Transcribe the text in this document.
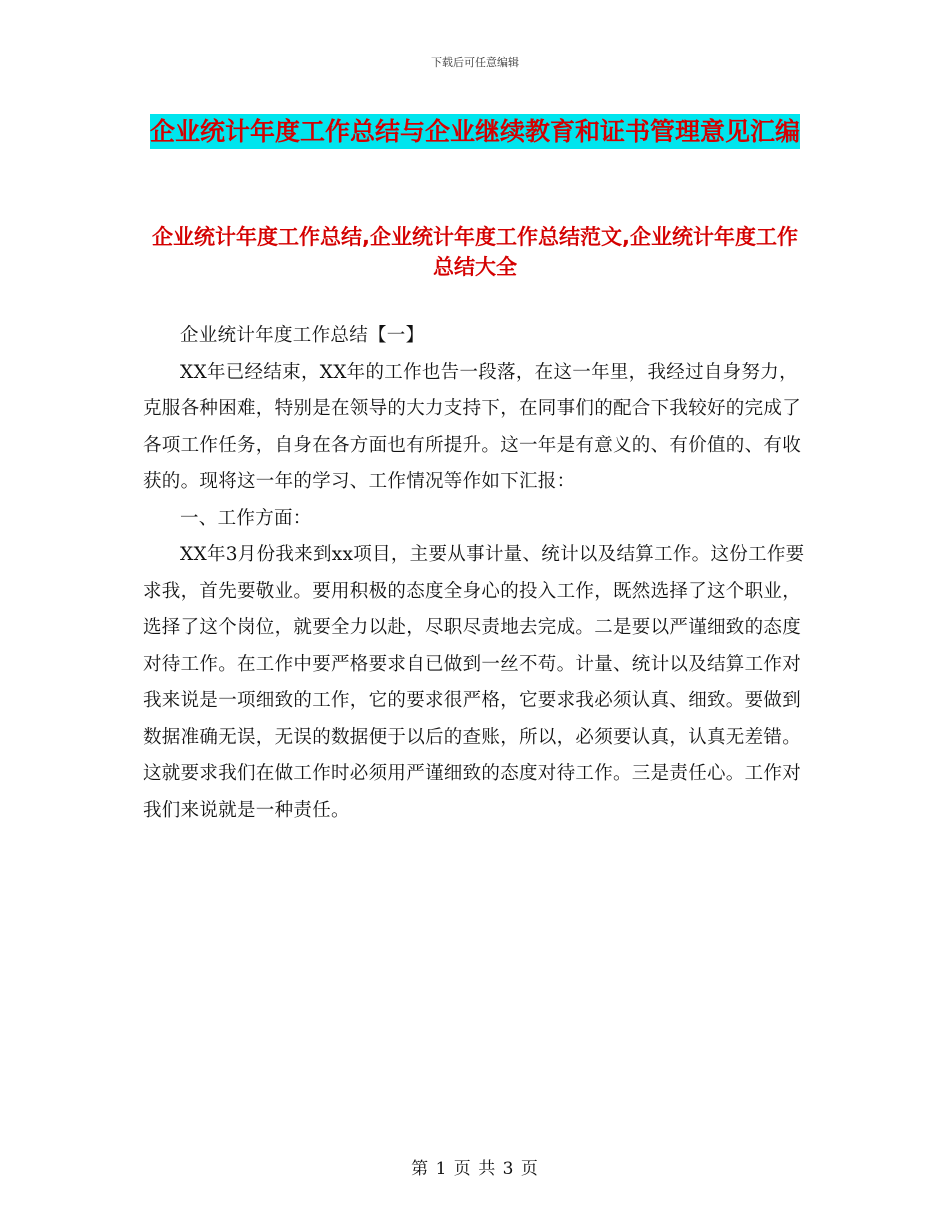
下载后可任意编辑
企业统计年度工作总结与企业继续教育和证书管理意见汇编
企业统计年度工作总结,企业统计年度工作总结范文,企业统计年度工作总结大全

企业统计年度工作总结【一】

XX年已经结束，XX年的工作也告一段落，在这一年里，我经过自身努力，克服各种困难，特别是在领导的大力支持下，在同事们的配合下我较好的完成了各项工作任务，自身在各方面也有所提升。这一年是有意义的、有价值的、有收获的。现将这一年的学习、工作情况等作如下汇报：

一、工作方面：

XX年3月份我来到xx项目，主要从事计量、统计以及结算工作。这份工作要求我，首先要敬业。要用积极的态度全身心的投入工作，既然选择了这个职业，选择了这个岗位，就要全力以赴，尽职尽责地去完成。二是要以严谨细致的态度对待工作。在工作中要严格要求自已做到一丝不苟。计量、统计以及结算工作对我来说是一项细致的工作，它的要求很严格，它要求我必须认真、细致。要做到数据准确无误，无误的数据便于以后的查账，所以，必须要认真，认真无差错。这就要求我们在做工作时必须用严谨细致的态度对待工作。三是责任心。工作对我们来说就是一种责任。

第 1 页 共 3 页
